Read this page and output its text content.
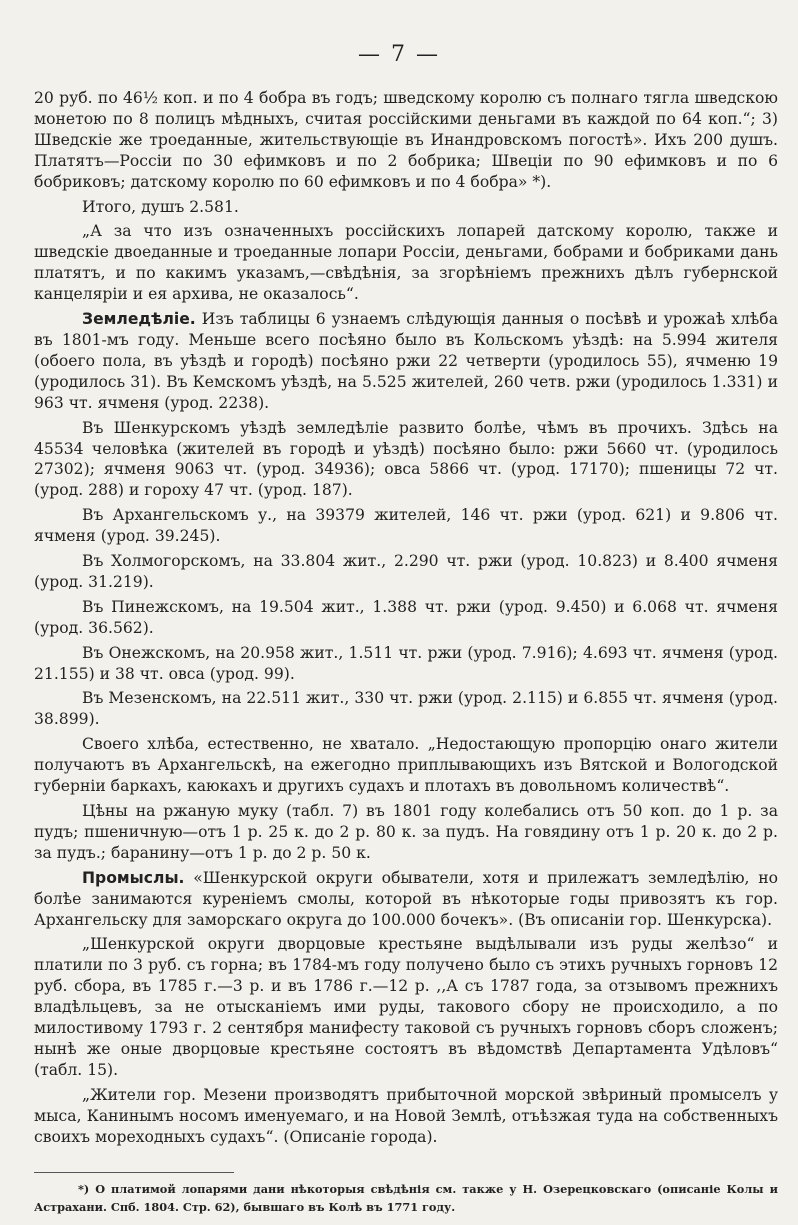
— 7 —

20 руб. по 46½ коп. и по 4 бобра въ годъ; шведскому королю съ полнаго тягла шведскою монетою по 8 полицъ мѣдныхъ, считая россійскими деньгами въ каждой по 64 коп.“; 3) Шведскіе же троеданные, жительствующіе въ Инандровскомъ погостѣ». Ихъ 200 душъ. Платятъ—Россіи по 30 ефимковъ и по 2 бобрика; Швеціи по 90 ефимковъ и по 6 бобриковъ; датскому королю по 60 ефимковъ и по 4 бобра» *).

Итого, душъ 2.581.

„А за что изъ означенныхъ россійскихъ лопарей датскому королю, также и шведскіе двоеданные и троеданные лопари Россіи, деньгами, бобрами и бобриками дань платятъ, и по какимъ указамъ,—свѣдѣнія, за згорѣніемъ прежнихъ дѣлъ губернской канцеляріи и ея архива, не оказалось“.

Земледѣліе. Изъ таблицы 6 узнаемъ слѣдующія данныя о посѣвѣ и урожаѣ хлѣба въ 1801-мъ году. Меньше всего посѣяно было въ Кольскомъ уѣздѣ: на 5.994 жителя (обоего пола, въ уѣздѣ и городѣ) посѣяно ржи 22 четверти (уродилось 55), ячменю 19 (уродилось 31). Въ Кемскомъ уѣздѣ, на 5.525 жителей, 260 четв. ржи (уродилось 1.331) и 963 чт. ячменя (урод. 2238).

Въ Шенкурскомъ уѣздѣ земледѣліе развито болѣе, чѣмъ въ прочихъ. Здѣсь на 45534 человѣка (жителей въ городѣ и уѣздѣ) посѣяно было: ржи 5660 чт. (уродилось 27302); ячменя 9063 чт. (урод. 34936); овса 5866 чт. (урод. 17170); пшеницы 72 чт. (урод. 288) и гороху 47 чт. (урод. 187).

Въ Архангельскомъ у., на 39379 жителей, 146 чт. ржи (урод. 621) и 9.806 чт. ячменя (урод. 39.245).

Въ Холмогорскомъ, на 33.804 жит., 2.290 чт. ржи (урод. 10.823) и 8.400 ячменя (урод. 31.219).

Въ Пинежскомъ, на 19.504 жит., 1.388 чт. ржи (урод. 9.450) и 6.068 чт. ячменя (урод. 36.562).

Въ Онежскомъ, на 20.958 жит., 1.511 чт. ржи (урод. 7.916); 4.693 чт. ячменя (урод. 21.155) и 38 чт. овса (урод. 99).

Въ Мезенскомъ, на 22.511 жит., 330 чт. ржи (урод. 2.115) и 6.855 чт. ячменя (урод. 38.899).

Своего хлѣба, естественно, не хватало. „Недостающую пропорцію онаго жители получаютъ въ Архангельскѣ, на ежегодно приплывающихъ изъ Вятской и Вологодской губерніи баркахъ, каюкахъ и другихъ судахъ и плотахъ въ довольномъ количествѣ“.

Цѣны на ржаную муку (табл. 7) въ 1801 году колебались отъ 50 коп. до 1 р. за пудъ; пшеничную—отъ 1 р. 25 к. до 2 р. 80 к. за пудъ. На говядину отъ 1 р. 20 к. до 2 р. за пудъ.; баранину—отъ 1 р. до 2 р. 50 к.

Промыслы. «Шенкурской округи обыватели, хотя и прилежатъ земледѣлію, но болѣе занимаются куреніемъ смолы, которой въ нѣкоторые годы привозятъ къ гор. Архангельску для заморскаго округа до 100.000 бочекъ». (Въ описаніи гор. Шенкурска).

„Шенкурской округи дворцовые крестьяне выдѣлывали изъ руды желѣзо“ и платили по 3 руб. съ горна; въ 1784-мъ году получено было съ этихъ ручныхъ горновъ 12 руб. сбора, въ 1785 г.—3 р. и въ 1786 г.—12 р. ,,А съ 1787 года, за отзывомъ прежнихъ владѣльцевъ, за не отысканіемъ ими руды, такового сбору не происходило, а по милостивому 1793 г. 2 сентября манифесту таковой съ ручныхъ горновъ сборъ сложенъ; нынѣ же оные дворцовые крестьяне состоятъ въ вѣдомствѣ Департамента Удѣловъ“ (табл. 15).

„Жители гор. Мезени производятъ прибыточной морской звѣриный промыселъ у мыса, Канинымъ носомъ именуемаго, и на Новой Землѣ, отъѣзжая туда на собственныхъ своихъ мореходныхъ судахъ“. (Описаніе города).

*) О платимой лопарями дани нѣкоторыя свѣдѣнія см. также у Н. Озерецковскаго (описаніе Колы и Астрахани. Спб. 1804. Стр. 62), бывшаго въ Колѣ въ 1771 году.
